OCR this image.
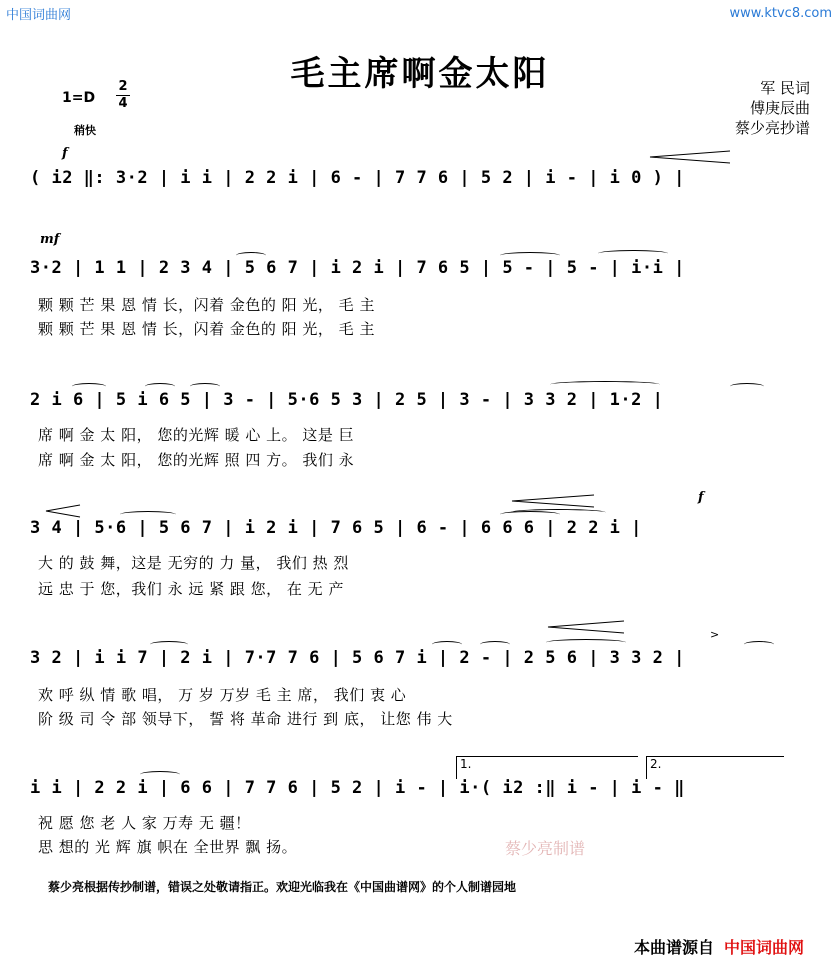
中国词曲网	www.ktvc8.com
毛主席啊金太阳	军 民词
傅庚辰曲
蔡少亮抄谱
1=D
2
4
稍快
f
( i2 ‖: 3·2 | i i | 2 2 i | 6 - | 7 7 6 | 5 2 | i - | i 0 ) |
mf
3·2 | 1 1 | 2 3 4 | 5 6 7 | i 2 i | 7 6 5 | 5 - | 5 - | i·i |
颗 颗 芒 果 恩 情 长，闪着 金色的 阳 光， 毛 主
颗 颗 芒 果 恩 情 长，闪着 金色的 阳 光， 毛 主
2 i 6 | 5 i 6 5 | 3 - | 5·6 5 3 | 2 5 | 3 - | 3 3 2 | 1·2 |
席 啊 金 太 阳， 您的光辉 暖 心 上。 这是 巨
席 啊 金 太 阳， 您的光辉 照 四 方。 我们 永
f
3 4 | 5·6 | 5 6 7 | i 2 i | 7 6 5 | 6 - | 6 6 6 | 2 2 i |
大 的 鼓 舞，这是 无穷的 力 量， 我们 热 烈
远 忠 于 您，我们 永 远 紧 跟 您， 在 无 产
>
3 2 | i i 7 | 2 i | 7·7 7 6 | 5 6 7 i | 2 - | 2 5 6 | 3 3 2 |
欢 呼 纵 情 歌 唱， 万 岁 万岁 毛 主 席， 我们 衷 心
阶 级 司 令 部 领导下， 誓 将 革命 进行 到 底， 让您 伟 大
1.	2.
i i | 2 2 i | 6 6 | 7 7 6 | 5 2 | i - | i·( i2 :‖ i - | i - ‖
祝 愿 您 老 人 家 万寿 无 疆！
思 想的 光 辉 旗 帜在 全世界 飘 扬。	蔡少亮制谱
蔡少亮根据传抄制谱，错误之处敬请指正。欢迎光临我在《中国曲谱网》的个人制谱园地
本曲谱源自 中国词曲网
